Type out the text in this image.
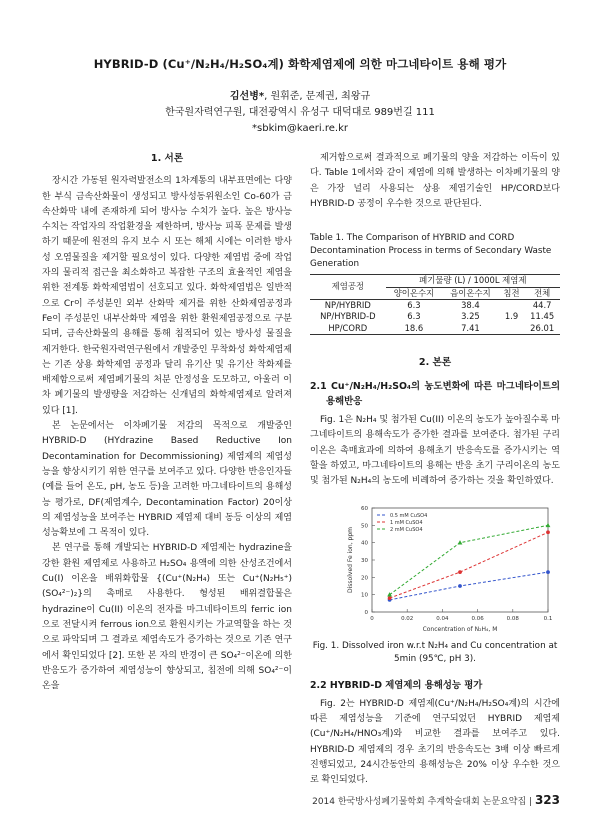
HYBRID-D (Cu⁺/N₂H₄/H₂SO₄계) 화학제염제에 의한 마그네타이트 용해 평가
김선병*, 원휘준, 문제권, 최왕규
한국원자력연구원, 대전광역시 유성구 대덕대로 989번길 111
*sbkim@kaeri.re.kr
1. 서론

장시간 가동된 원자력발전소의 1차계통의 내부표면에는 다양한 부식 금속산화물이 생성되고 방사성동위원소인 Co-60가 금속산화막 내에 존재하게 되어 방사능 수치가 높다. 높은 방사능 수치는 작업자의 작업환경을 제한하며, 방사능 피폭 문제를 발생하기 때문에 원전의 유지 보수 시 또는 해체 시에는 이러한 방사성 오염물질을 제거할 필요성이 있다. 다양한 제염법 중에 작업자의 물리적 접근을 최소화하고 복잡한 구조의 효율적인 제염을 위한 전계통 화학제염법이 선호되고 있다. 화학제염법은 일반적으로 Cr이 주성분인 외부 산화막 제거를 위한 산화제염공정과 Fe이 주성분인 내부산화막 제염을 위한 환원제염공정으로 구분되며, 금속산화물의 용해를 통해 침적되어 있는 방사성 물질을 제거한다. 한국원자력연구원에서 개발중인 무착화성 화학제염제는 기존 상용 화학제염 공정과 달리 유기산 및 유기산 착화제를 배제함으로써 제염폐기물의 처분 안정성을 도모하고, 아울러 이차 폐기물의 발생량을 저감하는 신개념의 화학제염제로 알려져 있다 [1].

본 논문에서는 이차폐기물 저감의 목적으로 개발중인 HYBRID-D (HYdrazine Based Reductive Ion Decontamination for Decommissioning) 제염제의 제염성능을 향상시키기 위한 연구를 보여주고 있다. 다양한 반응인자들(예를 들어 온도, pH, 농도 등)을 고려한 마그네타이트의 용해성능 평가로, DF(제염계수, Decontamination Factor) 20이상의 제염성능을 보여주는 HYBRID 제염제 대비 동등 이상의 제염성능확보에 그 목적이 있다.

본 연구를 통해 개발되는 HYBRID-D 제염제는 hydrazine을 강한 환원 제염제로 사용하고 H₂SO₄ 용액에 의한 산성조건에서 Cu(I) 이온을 배위화합물 {(Cu⁺(N₂H₄) 또는 Cu⁺(N₂H₅⁺)(SO₄²⁻)₂}의 촉매로 사용한다. 형성된 배위결합물은 hydrazine이 Cu(II) 이온의 전자를 마그네타이트의 ferric ion 으로 전달시켜 ferrous ion으로 환원시키는 가교역할을 하는 것으로 파악되며 그 결과로 제염속도가 증가하는 것으로 기존 연구에서 확인되었다 [2]. 또한 본 자의 반경이 큰 SO₄²⁻이온에 의한 반응도가 증가하여 제염성능이 향상되고, 침전에 의해 SO₄²⁻이온을

제거함으로써 결과적으로 폐기물의 양을 저감하는 이득이 있다. Table 1에서와 같이 제염에 의해 발생하는 이차폐기물의 양은 가장 널리 사용되는 상용 제염기술인 HP/CORD보다 HYBRID-D 공정이 우수한 것으로 판단된다.

Table 1. The Comparison of HYBRID and CORD Decontamination Process in terms of Secondary Waste Generation
제염공정	폐기물량 (L) / 1000L 제염제			
	양이온수지	음이온수지	침전	전체
NP/HYBRID	6.3	38.4		44.7
NP/HYBRID-D	6.3	3.25	1.9	11.45
HP/CORD	18.6	7.41		26.01
2. 본론
2.1 Cu⁺/N₂H₄/H₂SO₄의 농도변화에 따른 마그네타이트의 용해반응

Fig. 1은 N₂H₄ 및 첨가된 Cu(II) 이온의 농도가 높아질수록 마그네타이트의 용해속도가 증가한 결과를 보여준다. 첨가된 구리이온은 촉매효과에 의하여 용해초기 반응속도를 증가시키는 역할을 하였고, 마그네타이트의 용해는 반응 초기 구리이온의 농도 및 첨가된 N₂H₄의 농도에 비례하여 증가하는 것을 확인하였다.

0
10
20
30
40
50
60
0	0.02	0.04	0.06	0.08	0.1
Concentration of N₂H₄, M
Dissolved Fe ion, ppm
0.5 mM CuSO4
1 mM CuSO4
2 mM CuSO4
Fig. 1. Dissolved iron w.r.t N₂H₄ and Cu concentration at 5min (95℃, pH 3).
2.2 HYBRID-D 제염제의 용해성능 평가

Fig. 2는 HYBRID-D 제염제(Cu⁺/N₂H₄/H₂SO₄계)의 시간에 따른 제염성능을 기준에 연구되었던 HYBRID 제염제(Cu⁺/N₂H₄/HNO₃계)와 비교한 결과를 보여주고 있다. HYBRID-D 제염제의 경우 초기의 반응속도는 3배 이상 빠르게 진행되었고, 24시간동안의 용해성능은 20% 이상 우수한 것으로 확인되었다.

2014 한국방사성폐기물학회 추계학술대회 논문요약집 | 323
